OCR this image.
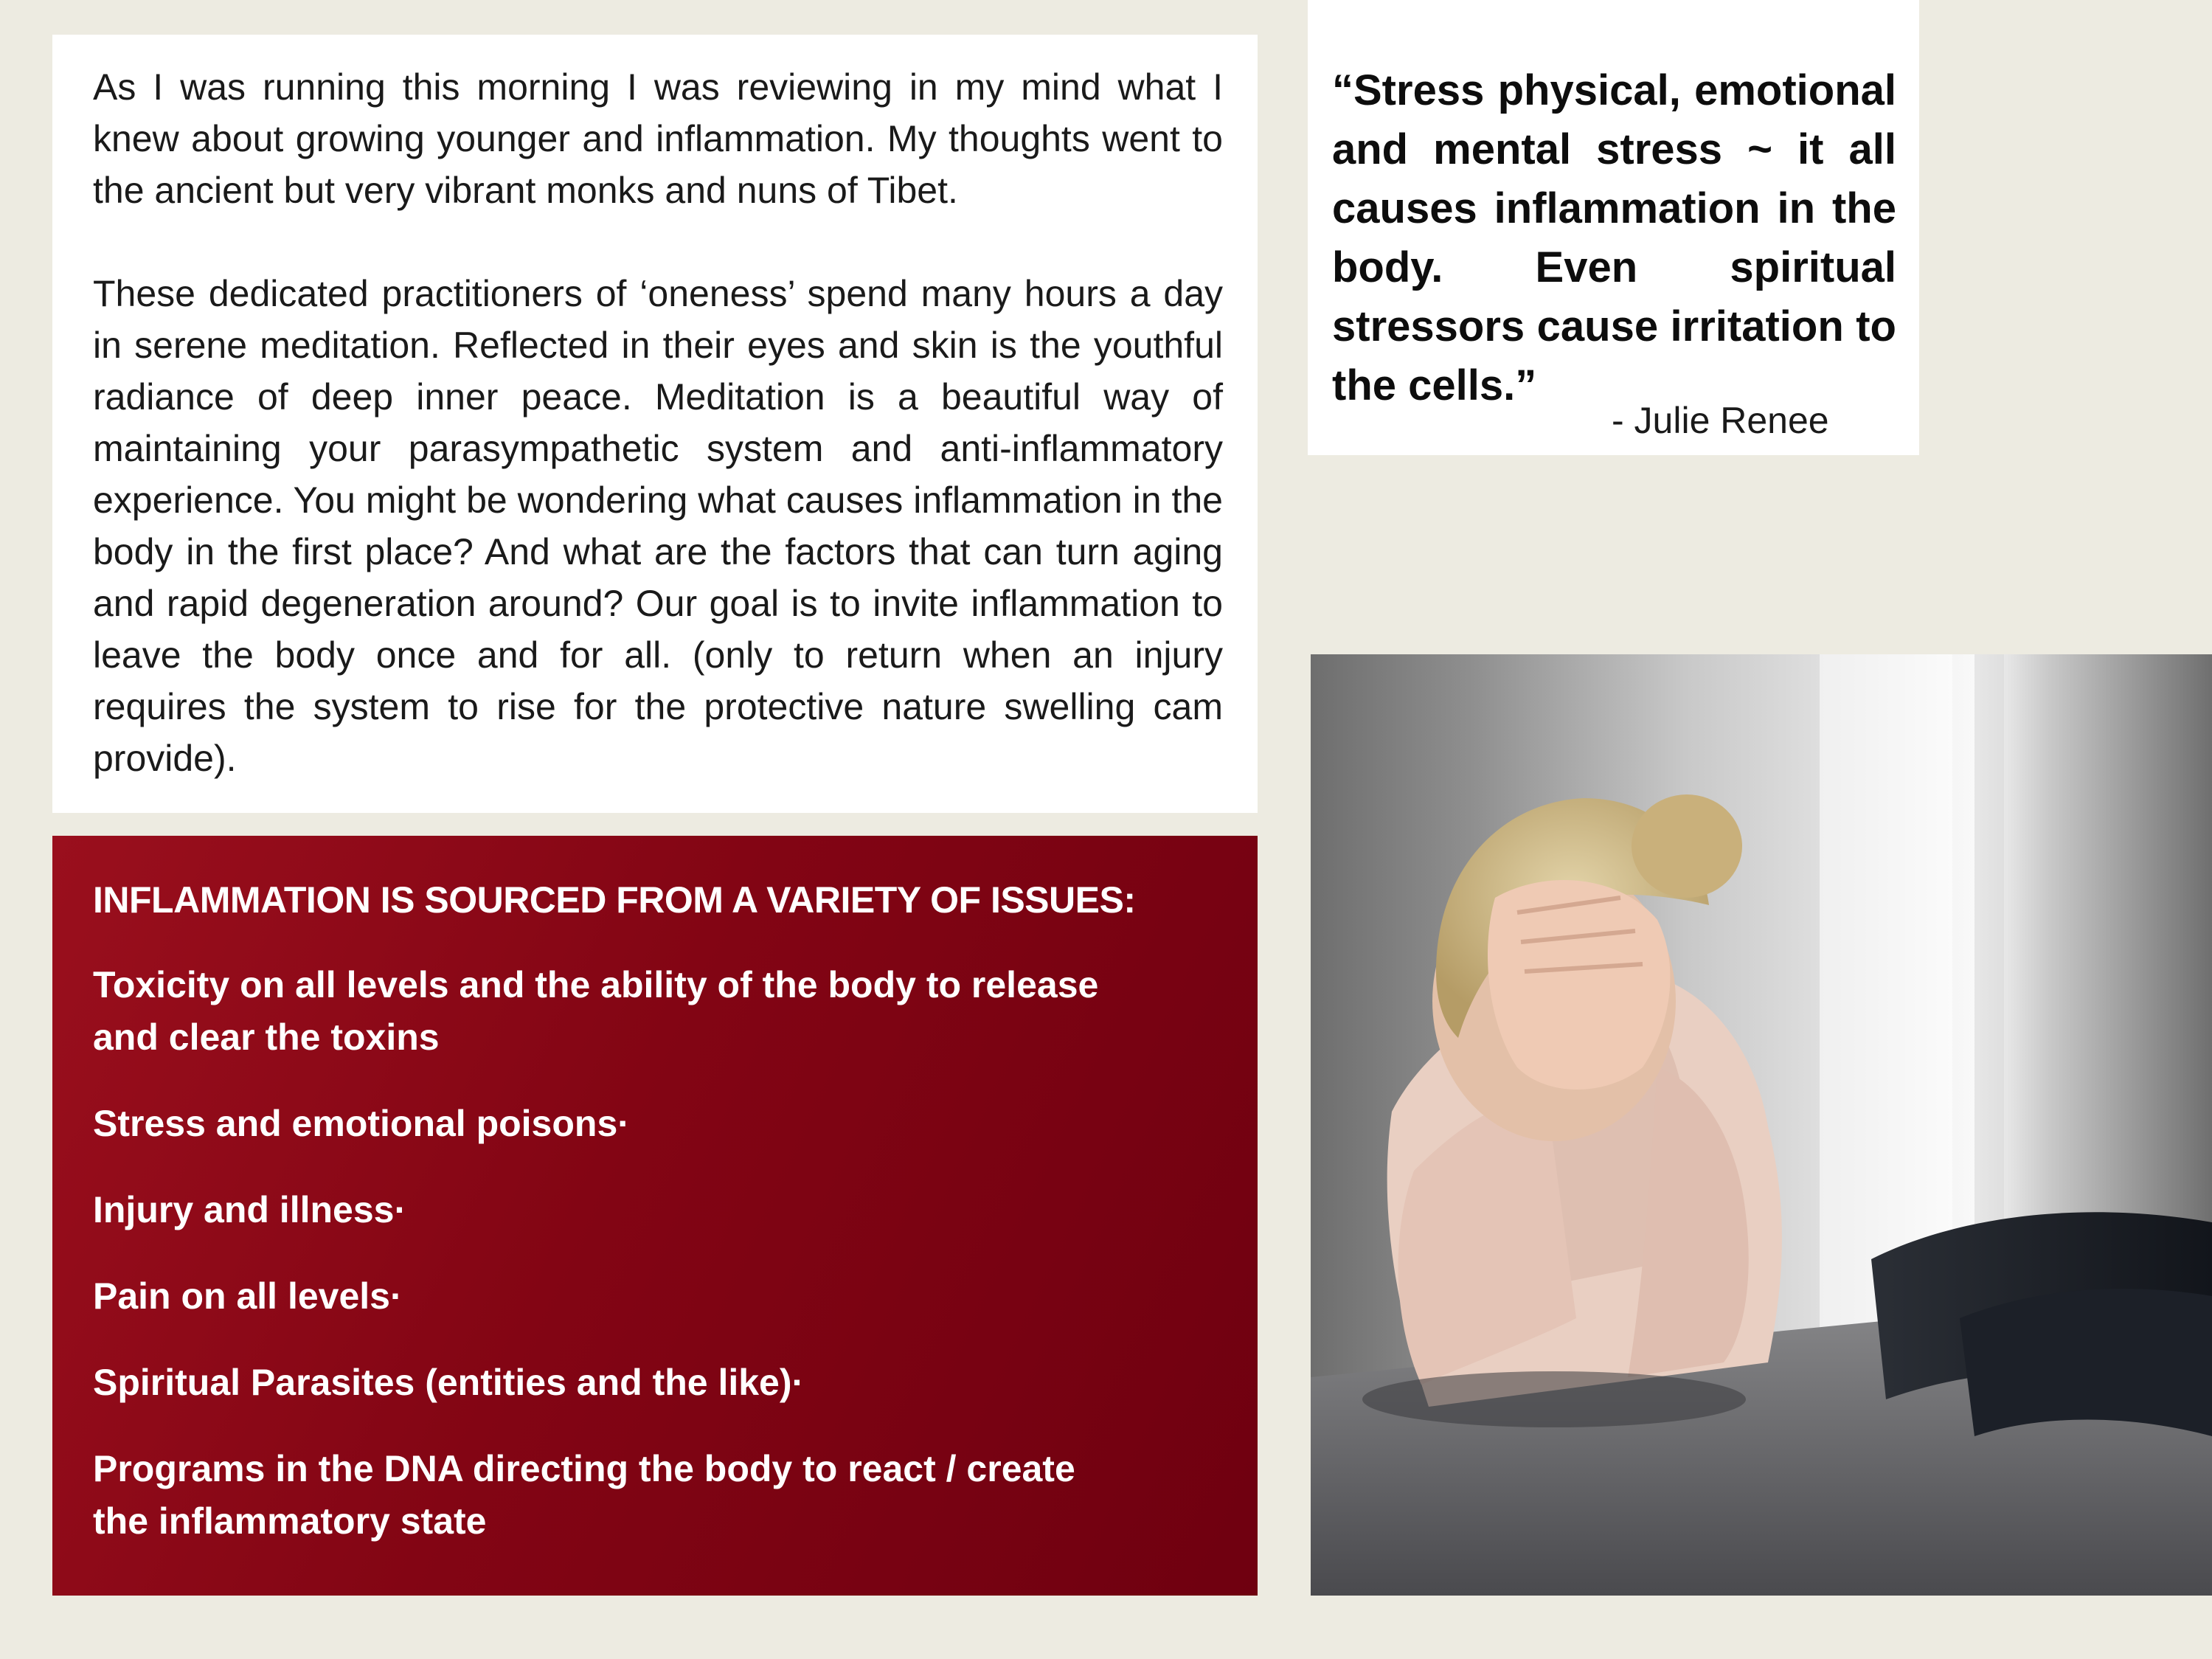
As I was running this morning I was reviewing in my mind what I knew about growing younger and inflammation. My thoughts went to the ancient but very vibrant monks and nuns of Tibet.

These dedicated practitioners of ‘oneness’ spend many hours a day in serene meditation. Reflected in their eyes and skin is the youthful radiance of deep inner peace. Meditation is a beautiful way of maintaining your parasympathetic system and anti-inflammatory experience. You might be wondering what causes inflammation in the body in the first place? And what are the factors that can turn aging and rapid degeneration around? Our goal is to invite inflammation to leave the body once and for all. (only to return when an injury requires the system to rise for the protective nature swelling cam provide).

“Stress physical, emotional and mental stress ~ it all causes inflammation in the body. Even spiritual stressors cause irritation to the cells.”

- Julie Renee
INFLAMMATION IS SOURCED FROM A VARIETY OF ISSUES:
Toxicity on all levels and the ability of the body to release and clear the toxins
Stress and emotional poisons·
Injury and illness·
Pain on all levels·
Spiritual Parasites (entities and the like)·
Programs in the DNA directing the body to react / create the inflammatory state
